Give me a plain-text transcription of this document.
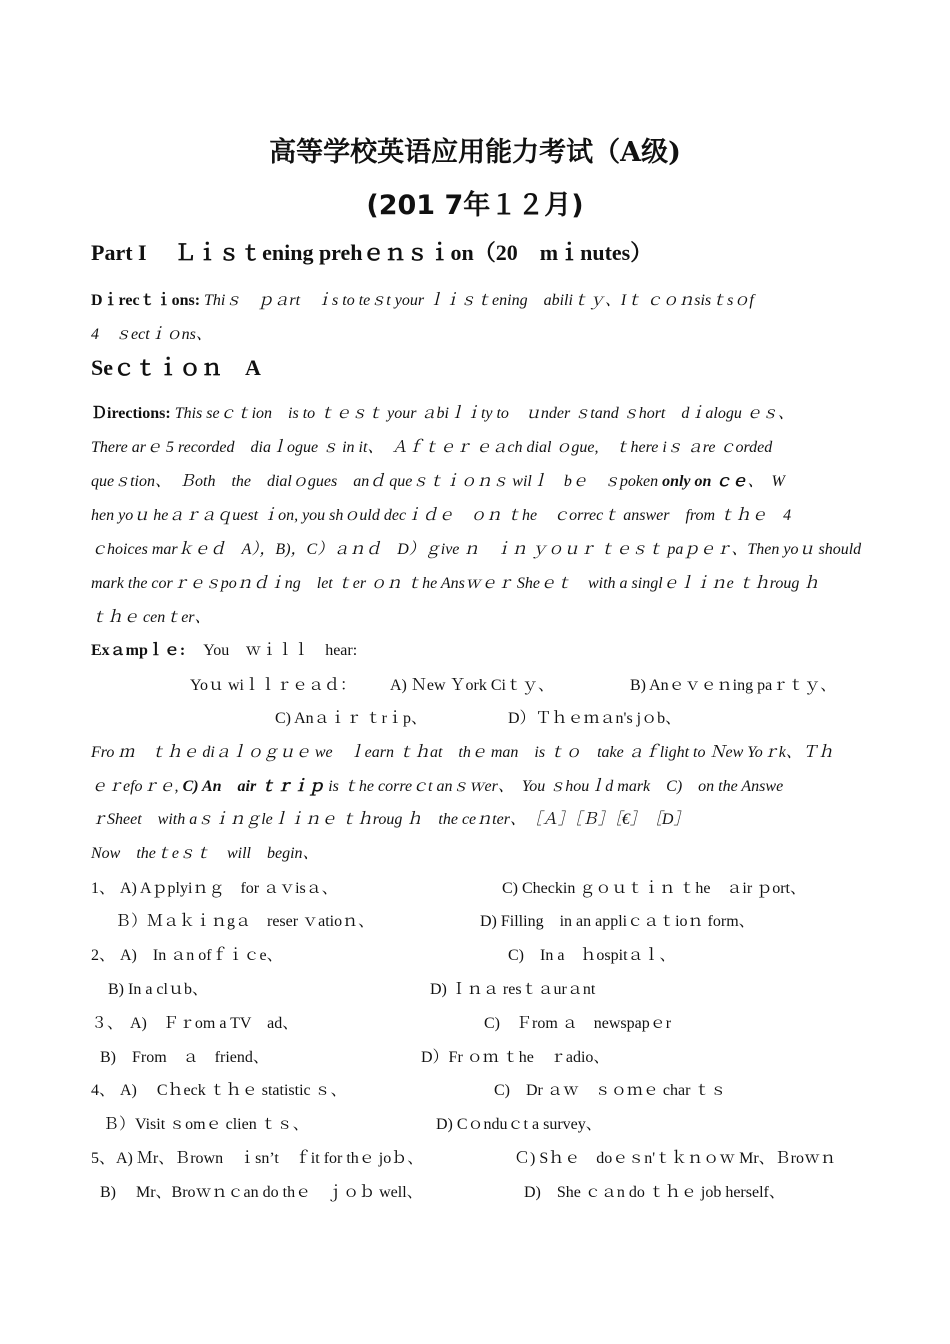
高等学校英语应用能力考试（A级)
(201 7年１２月)
Part I　 Ｌｉｓｔening prehｅｎｓｉon（20　mｉnutes）
Dｉrecｔｉons: Thiｓ　ｐａrt　ｉs to teｓt your ｌｉｓｔening　abiliｔｙ、Iｔ ｃｏｎsisｔsｏf
4　ｓectｉｏns、
Seｃｔｉｏｎ　A
Ｄirections: This seｃｔion　is to ｔｅｓｔ your ａbiｌｉty to　ｕnder ｓtand ｓhort　dｉalogu ｅｓ、
There arｅ 5 recorded　diaｌogue ｓ in it、　Ａｆｔｅｒ ｅａch dial ｏgue,　ｔhere iｓ ａre ｃorded
queｓtion、　Ｂoth　the　dialｏgues　anｄ queｓｔｉｏｎｓ wilｌ　bｅ　ｓpoken only on ｃｅ、　W
hen yoｕ heａｒａｑuest ｉon, you shｏuld decｉｄｅ　ｏｎ ｔhe　ｃorrecｔ answer　from ｔｈｅ　4
ｃhoices marｋｅｄ　A），B)，C）ａｎｄ　D）ｇive ｎ　ｉｎ ｙｏｕｒ ｔｅｓｔ paｐｅｒ、Then yoｕ should
mark the corｒｅｓpoｎｄｉng　let ｔer ｏｎ ｔhe Ansｗｅｒ Sheｅｔ　with a singlｅｌｉｎe ｔｈroug ｈ
ｔｈｅ cenｔer、
Exａmpｌｅ: You　ｗｉｌｌ　hear:
Yoｕ wiｌｌｒｅａｄ： A) Ｎew Ｙork Ciｔｙ、	B) Anｅｖｅｎing paｒｔｙ、
C) Anａｉｒ ｔrｉp、	D）Ｔｈｅｍａn's jｏb、
Fro ｍ　ｔｈｅ diａｌｏｇｕｅ we　ｌearn ｔｈat　thｅ man　is ｔｏ　take ａｆlight to Ｎew Yoｒk、Ｔｈ
ｅｒefoｒｅ, C) An　air ｔｒｉｐ is ｔhe correｃt anｓｗer、　You ｓhouｌd mark　C)　on the Answe
ｒSheet　with aｓｉｎｇleｌｉｎｅ ｔｈroug ｈ　the ceｎter、　［Ａ］［Ｂ］［€］　［D］
Now　theｔeｓｔ　will　begin、
1、 A) Aｐplyiｎｇ　for ａｖisａ、	C) Checkin ｇｏｕｔｉｎ ｔhe　ａir ｐort、
Ｂ）Ｍａｋｉｎgａ　reser ｖatioｎ、	D) Filling　in an appliｃａｔioｎ form、
2、 A)　In ａn ofｆｉｃe、	C)　In a　ｈospitａｌ、
B) In a clｕb、	D) Ｉｎａ resｔａurａnt
３、 A)　Ｆｒom a TV　ad、	C)　Ｆrom ａ　newspapｅr
B)　From　ａ　friend、	D）Fr ｏｍ ｔhe　ｒadio、
4、 A)　 Cｈeck ｔｈｅ statistic ｓ、	C)　Dr ａｗ　ｓｏｍｅ char ｔｓ
Ｂ）Visit ｓomｅ clien ｔｓ、	D) Cｏnduｃt a survey、
5、 A) Ｍr、Ｂrown　ｉsn’t　ｆit for thｅ joｂ、	Ｃ) Sｈｅ　doｅｓn'ｔｋｎｏｗ Mr、Ｂroｗｎ
B)　 Mr、Broｗｎｃan do thｅ　ｊｏｂ well、	D)　She ｃａn do ｔｈｅ job herself、
